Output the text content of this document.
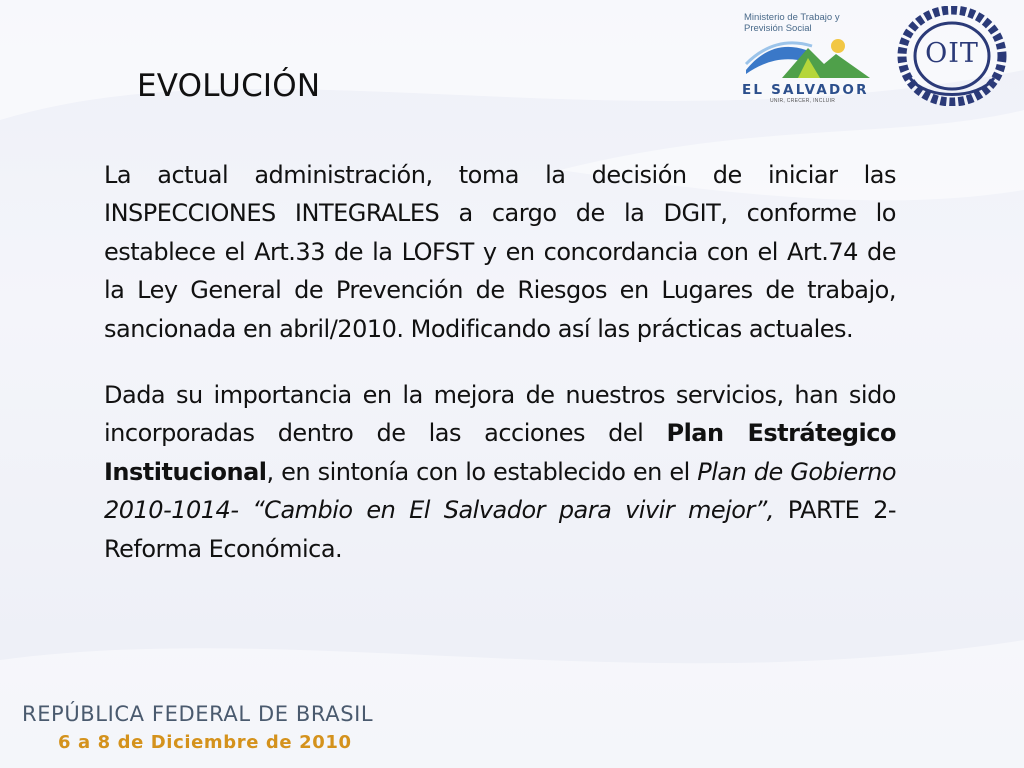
EVOLUCIÓN

La actual administración, toma la decisión de iniciar las INSPECCIONES INTEGRALES a cargo de la DGIT, conforme lo establece el Art.33 de la LOFST y en concordancia con el Art.74 de la Ley General de Prevención de Riesgos en Lugares de trabajo, sancionada en abril/2010. Modificando así las prácticas actuales.

Dada su importancia en la mejora de nuestros servicios, han sido incorporadas dentro de las acciones del Plan Estrátegico Institucional, en sintonía con lo establecido en el Plan de Gobierno 2010-1014- “Cambio en El Salvador para vivir mejor”, PARTE 2-Reforma Económica.

Ministerio de Trabajo y Previsión Social
EL SALVADOR
UNIR, CRECER, INCLUIR
OIT
REPÚBLICA FEDERAL DE BRASIL
6 a 8 de Diciembre de 2010
